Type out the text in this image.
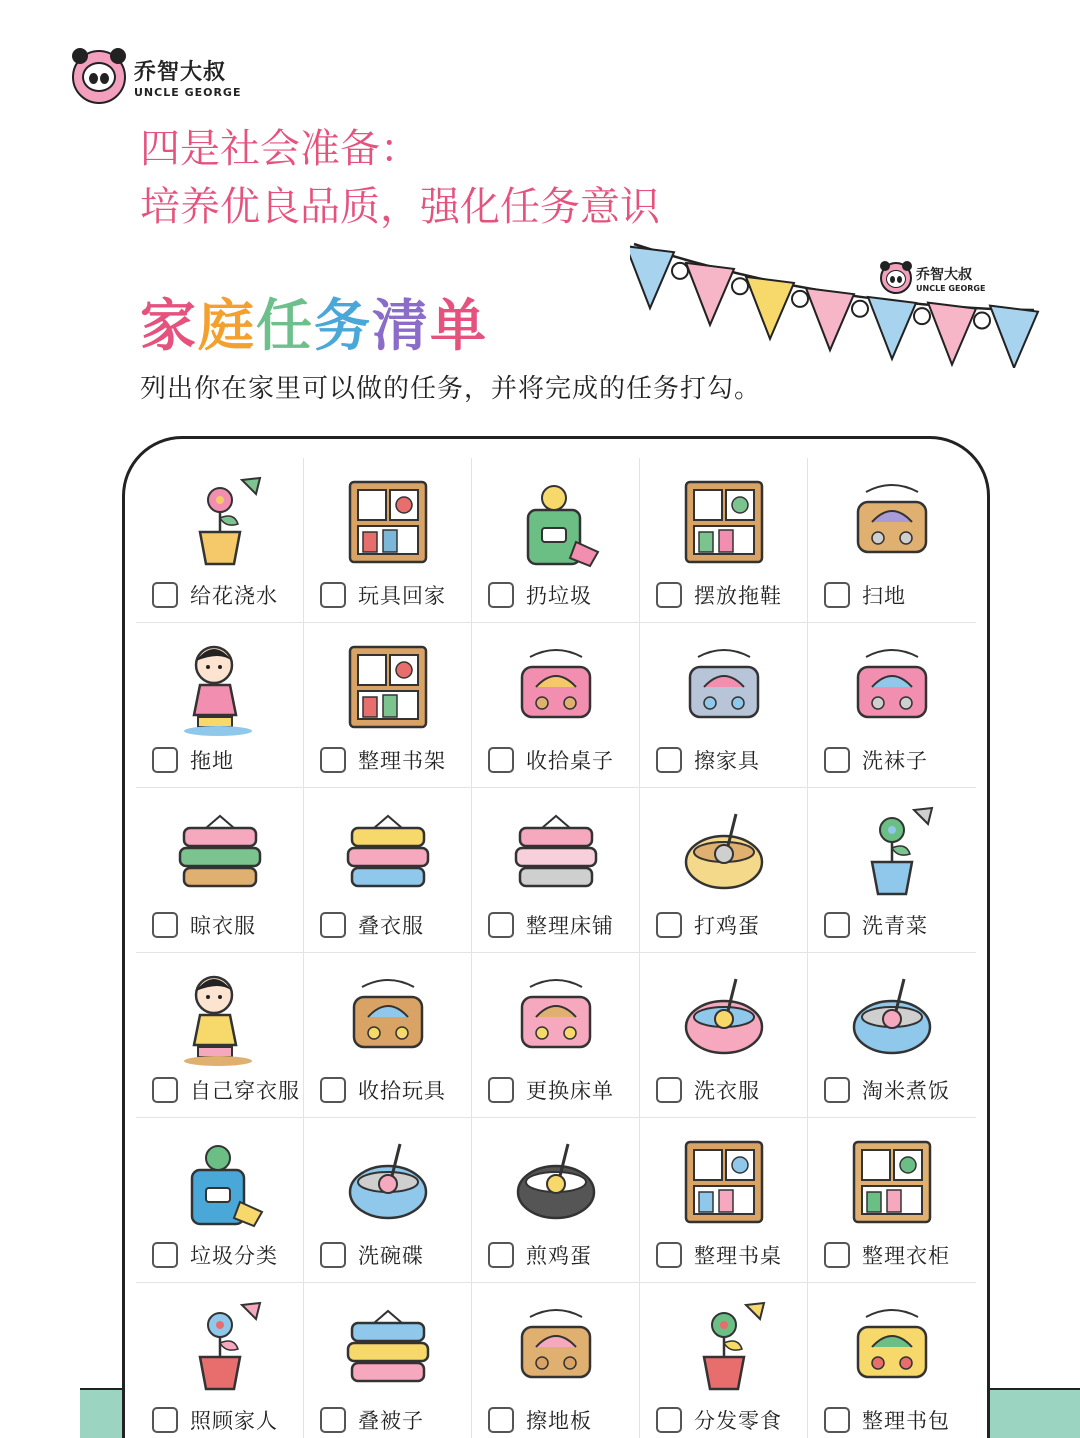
乔智大叔
UNCLE GEORGE
四是社会准备：
培养优良品质，强化任务意识
乔智大叔
UNCLE GEORGE
家庭任务清单
列出你在家里可以做的任务，并将完成的任务打勾。
给花浇水	玩具回家	扔垃圾	摆放拖鞋	扫地
拖地	整理书架	收拾桌子	擦家具	洗袜子
晾衣服	叠衣服	整理床铺	打鸡蛋	洗青菜
自己穿衣服	收拾玩具	更换床单	洗衣服	淘米煮饭
垃圾分类	洗碗碟	煎鸡蛋	整理书桌	整理衣柜
照顾家人	叠被子	擦地板	分发零食	整理书包
